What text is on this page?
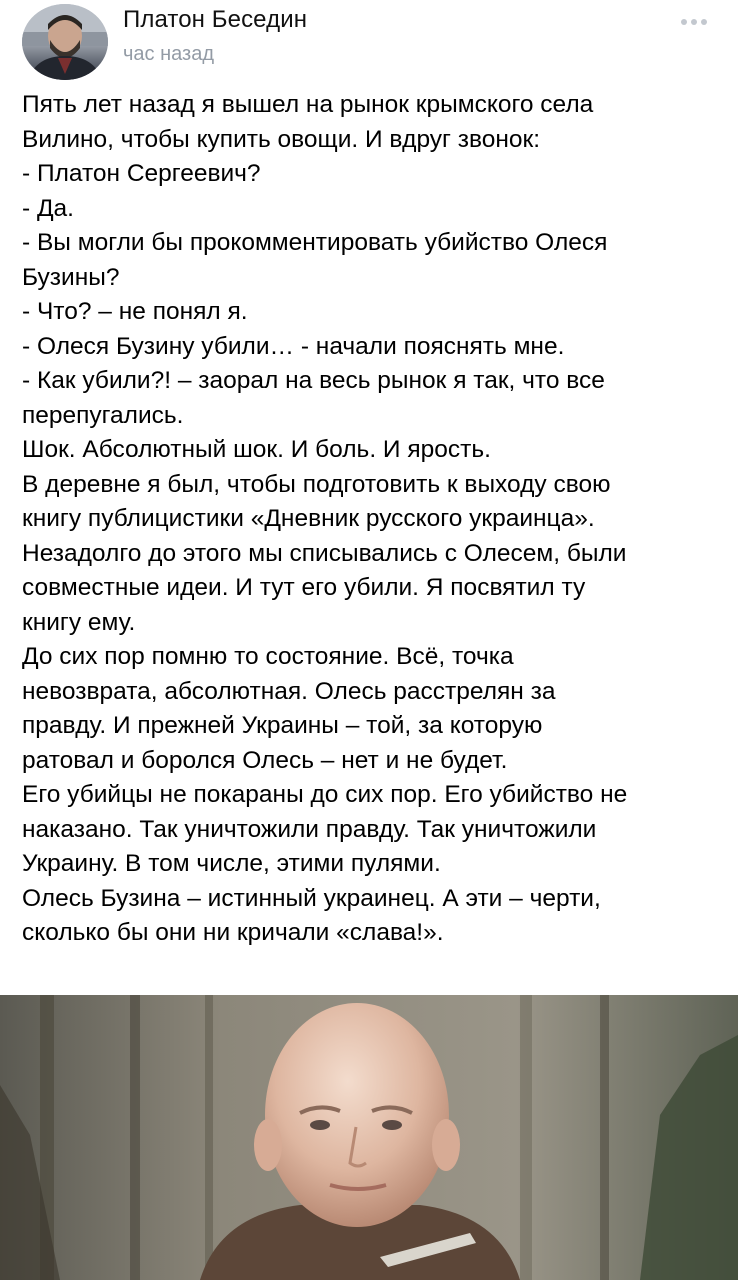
Платон Беседин
час назад

Пять лет назад я вышел на рынок крымского села

Вилино, чтобы купить овощи. И вдруг звонок:

- Платон Сергеевич?

- Да.

- Вы могли бы прокомментировать убийство Олеся

Бузины?

- Что? – не понял я.

- Олеся Бузину убили… - начали пояснять мне.

- Как убили?! – заорал на весь рынок я так, что все

перепугались.

Шок. Абсолютный шок. И боль. И ярость.

В деревне я был, чтобы подготовить к выходу свою

книгу публицистики «Дневник русского украинца».

Незадолго до этого мы списывались с Олесем, были

совместные идеи. И тут его убили. Я посвятил ту

книгу ему.

До сих пор помню то состояние. Всё, точка

невозврата, абсолютная. Олесь расстрелян за

правду. И прежней Украины – той, за которую

ратовал и боролся Олесь – нет и не будет.

Его убийцы не покараны до сих пор. Его убийство не

наказано. Так уничтожили правду. Так уничтожили

Украину. В том числе, этими пулями.

Олесь Бузина – истинный украинец. А эти – черти,

сколько бы они ни кричали «слава!».
